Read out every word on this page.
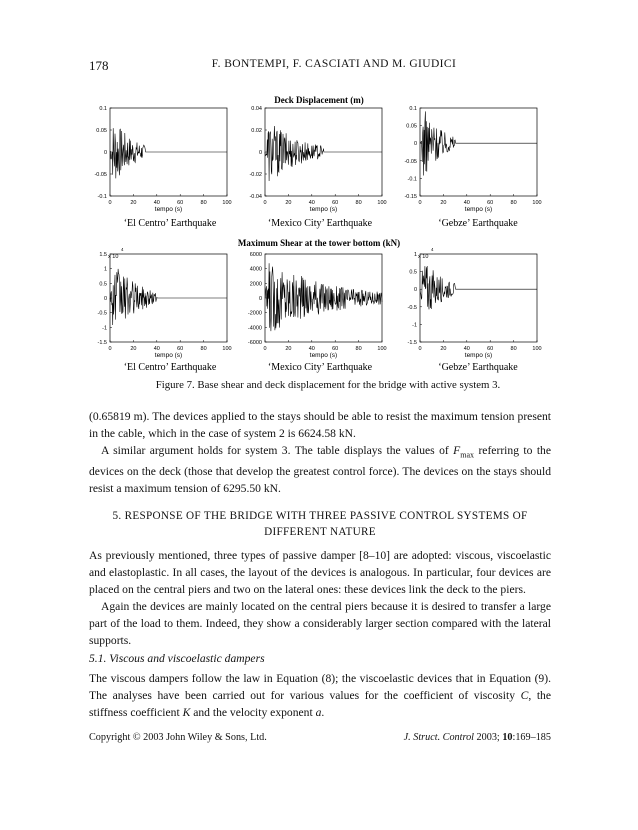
178	F. BONTEMPI, F. CASCIATI AND M. GIUDICI
Deck Displacement (m)
Maximum Shear at the tower bottom (kN)
0	20	40	60	80	100
0.1
0.05
0
-0.05
-0.1
tempo (s)
‘El Centro’ Earthquake
0	20	40	60	80	100
0.04
0.02
0
-0.02
-0.04
tempo (s)
‘Mexico City’ Earthquake
0	20	40	60	80	100
0.1
0.05
0
-0.05
-0.1
-0.15
tempo (s)
‘Gebze’ Earthquake
0	20	40	60	80	100
1.5
1
0.5
0
-0.5
-1
-1.5
tempo (s)
x 10
4
‘El Centro’ Earthquake
0	20	40	60	80	100
6000
4000
2000
0
-2000
-4000
-6000
tempo (s)
‘Mexico City’ Earthquake
0	20	40	60	80	100
1
0.5
0
-0.5
-1
-1.5
tempo (s)
x 10
4
‘Gebze’ Earthquake
Figure 7. Base shear and deck displacement for the bridge with active system 3.

(0.65819 m). The devices applied to the stays should be able to resist the maximum tension present in the cable, which in the case of system 2 is 6624.58 kN.

A similar argument holds for system 3. The table displays the values of $F_{max}$ referring to the devices on the deck (those that develop the greatest control force). The devices on the stays should resist a maximum tension of 6295.50 kN.

5. RESPONSE OF THE BRIDGE WITH THREE PASSIVE CONTROL SYSTEMS OF DIFFERENT NATURE

As previously mentioned, three types of passive damper [8–10] are adopted: viscous, viscoelastic and elastoplastic. In all cases, the layout of the devices is analogous. In particular, four devices are placed on the central piers and two on the lateral ones: these devices link the deck to the piers.

Again the devices are mainly located on the central piers because it is desired to transfer a large part of the load to them. Indeed, they show a considerably larger section compared with the lateral supports.

5.1. Viscous and viscoelastic dampers

The viscous dampers follow the law in Equation (8); the viscoelastic devices that in Equation (9). The analyses have been carried out for various values for the coefficient of viscosity C, the stiffness coefficient K and the velocity exponent a.

Copyright © 2003 John Wiley & Sons, Ltd.	J. Struct. Control 2003; 10:169–185
